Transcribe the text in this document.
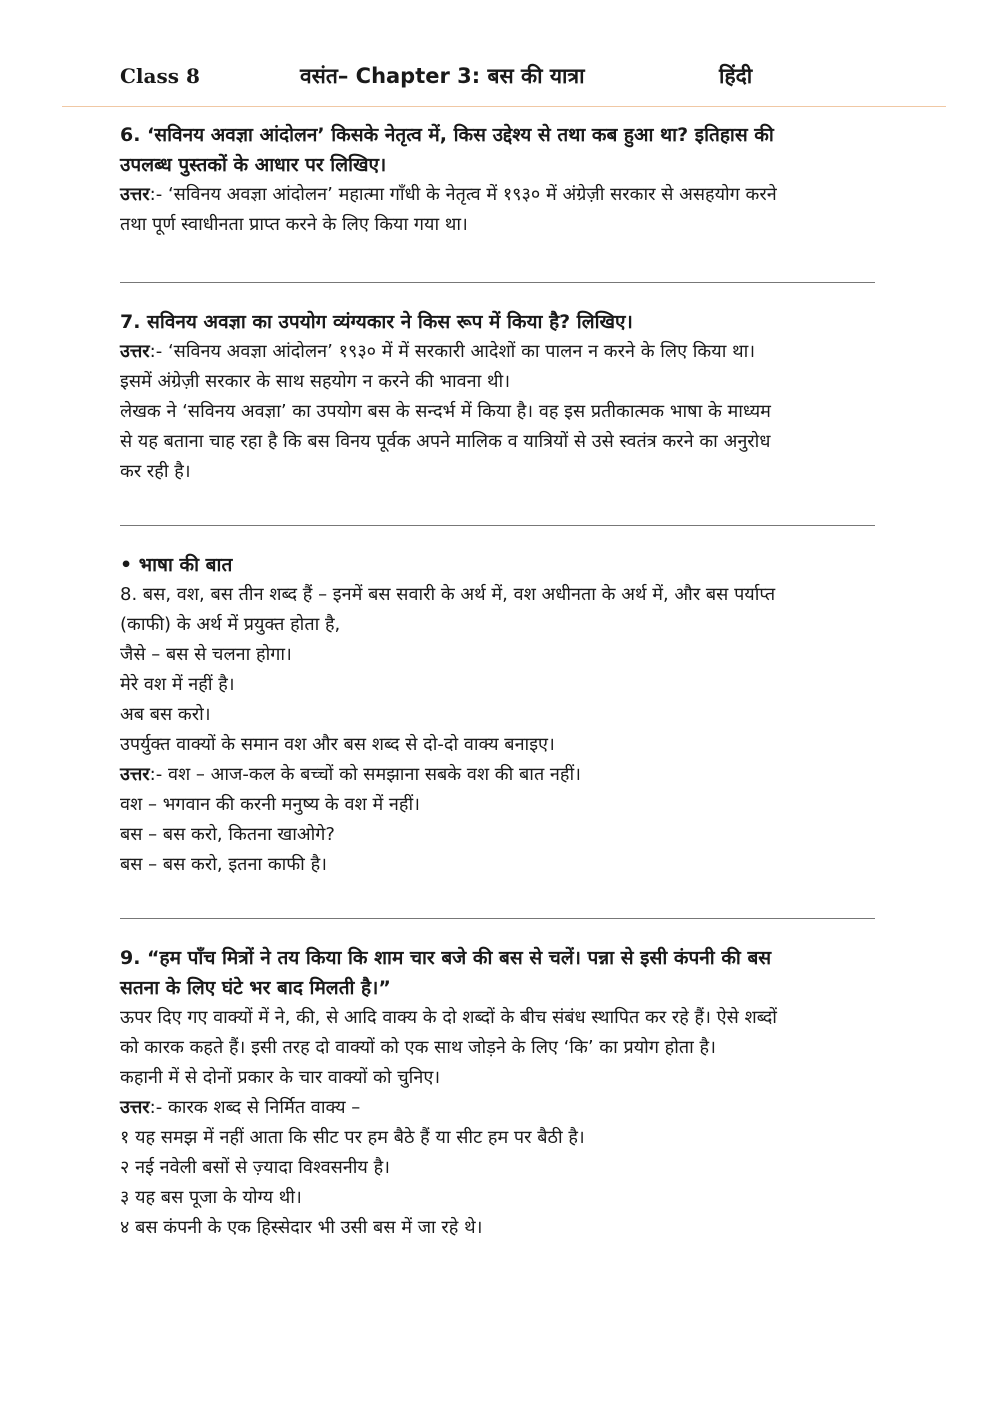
Class 8	वसंत– Chapter 3: बस की यात्रा	हिंदी

6. ‘सविनय अवज्ञा आंदोलन’ किसके नेतृत्व में, किस उद्देश्य से तथा कब हुआ था? इतिहास की

उपलब्ध पुस्तकों के आधार पर लिखिए।

उत्तर:- ‘सविनय अवज्ञा आंदोलन’ महात्मा गाँधी के नेतृत्व में १९३० में अंग्रेज़ी सरकार से असहयोग करने

तथा पूर्ण स्वाधीनता प्राप्त करने के लिए किया गया था।

7. सविनय अवज्ञा का उपयोग व्यंग्यकार ने किस रूप में किया है? लिखिए।

उत्तर:- ‘सविनय अवज्ञा आंदोलन’ १९३० में में सरकारी आदेशों का पालन न करने के लिए किया था।

इसमें अंग्रेज़ी सरकार के साथ सहयोग न करने की भावना थी।

लेखक ने ‘सविनय अवज्ञा’ का उपयोग बस के सन्दर्भ में किया है। वह इस प्रतीकात्मक भाषा के माध्यम

से यह बताना चाह रहा है कि बस विनय पूर्वक अपने मालिक व यात्रियों से उसे स्वतंत्र करने का अनुरोध

कर रही है।

• भाषा की बात

8. बस, वश, बस तीन शब्द हैं – इनमें बस सवारी के अर्थ में, वश अधीनता के अर्थ में, और बस पर्याप्त

(काफी) के अर्थ में प्रयुक्त होता है,

जैसे – बस से चलना होगा।

मेरे वश में नहीं है।

अब बस करो।

उपर्युक्त वाक्यों के समान वश और बस शब्द से दो-दो वाक्य बनाइए।

उत्तर:- वश – आज-कल के बच्चों को समझाना सबके वश की बात नहीं।

वश – भगवान की करनी मनुष्य के वश में नहीं।

बस – बस करो, कितना खाओगे?

बस – बस करो, इतना काफी है।

9. “हम पाँच मित्रों ने तय किया कि शाम चार बजे की बस से चलें। पन्ना से इसी कंपनी की बस

सतना के लिए घंटे भर बाद मिलती है।”

ऊपर दिए गए वाक्यों में ने, की, से आदि वाक्य के दो शब्दों के बीच संबंध स्थापित कर रहे हैं। ऐसे शब्दों

को कारक कहते हैं। इसी तरह दो वाक्यों को एक साथ जोड़ने के लिए ‘कि’ का प्रयोग होता है।

कहानी में से दोनों प्रकार के चार वाक्यों को चुनिए।

उत्तर:- कारक शब्द से निर्मित वाक्य –

१ यह समझ में नहीं आता कि सीट पर हम बैठे हैं या सीट हम पर बैठी है।

२ नई नवेली बसों से ज़्यादा विश्वसनीय है।

३ यह बस पूजा के योग्य थी।

४ बस कंपनी के एक हिस्सेदार भी उसी बस में जा रहे थे।
